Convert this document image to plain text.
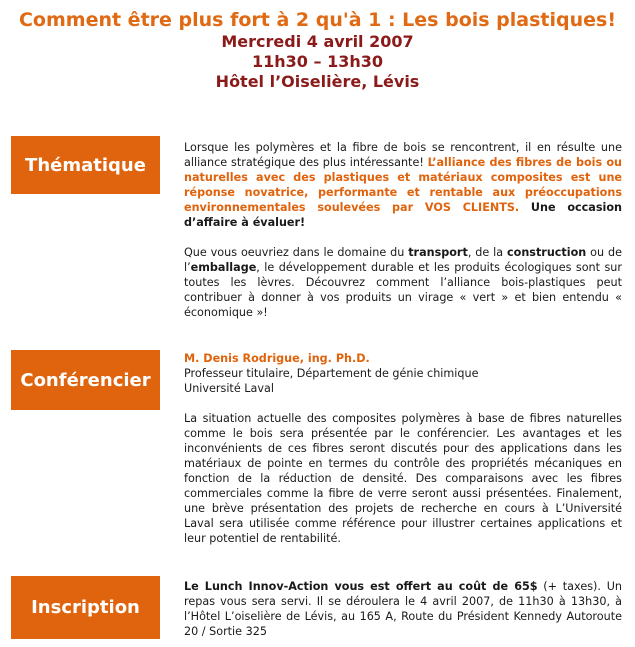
Comment être plus fort à 2 qu'à 1 : Les bois plastiques!

Mercredi 4 avril 2007

11h30 – 13h30

Hôtel l’Oiselière, Lévis

Thématique

Lorsque les polymères et la fibre de bois se rencontrent, il en résulte une alliance stratégique des plus intéressante! L’alliance des fibres de bois ou naturelles avec des plastiques et matériaux composites est une réponse novatrice, performante et rentable aux préoccupations environnementales soulevées par VOS CLIENTS. Une occasion d’affaire à évaluer!

Que vous oeuvriez dans le domaine du transport, de la construction ou de l’emballage, le développement durable et les produits écologiques sont sur toutes les lèvres. Découvrez comment l’alliance bois-plastiques peut contribuer à donner à vos produits un virage « vert » et bien entendu « économique »!

Conférencier

M. Denis Rodrigue, ing. Ph.D.

Professeur titulaire, Département de génie chimique

Université Laval

La situation actuelle des composites polymères à base de fibres naturelles comme le bois sera présentée par le conférencier. Les avantages et les inconvénients de ces fibres seront discutés pour des applications dans les matériaux de pointe en termes du contrôle des propriétés mécaniques en fonction de la réduction de densité. Des comparaisons avec les fibres commerciales comme la fibre de verre seront aussi présentées. Finalement, une brève présentation des projets de recherche en cours à L’Université Laval sera utilisée comme référence pour illustrer certaines applications et leur potentiel de rentabilité.

Inscription

Le Lunch Innov-Action vous est offert au coût de 65$ (+ taxes). Un repas vous sera servi. Il se déroulera le 4 avril 2007, de 11h30 à 13h30, à l’Hôtel L’oiselière de Lévis, au 165 A, Route du Président Kennedy Autoroute 20 / Sortie 325
